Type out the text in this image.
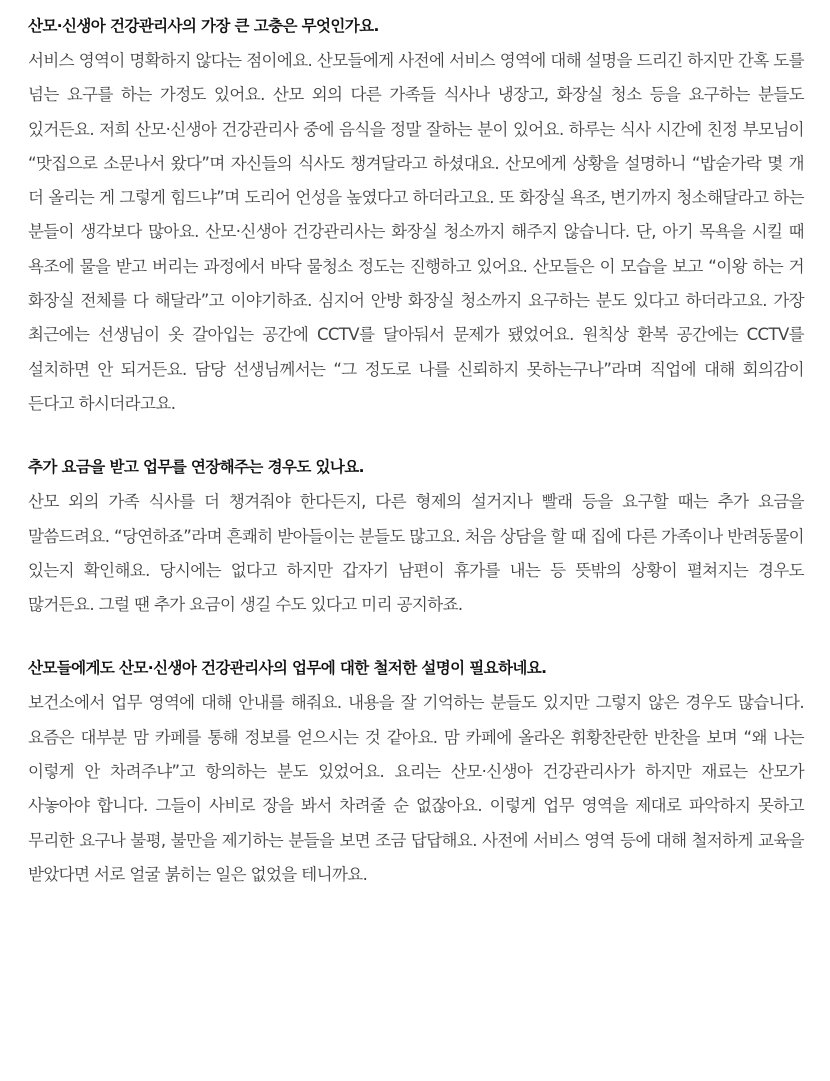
산모·신생아 건강관리사의 가장 큰 고충은 무엇인가요.

서비스 영역이 명확하지 않다는 점이에요. 산모들에게 사전에 서비스 영역에 대해 설명을 드리긴 하지만 간혹 도를 넘는 요구를 하는 가정도 있어요. 산모 외의 다른 가족들 식사나 냉장고, 화장실 청소 등을 요구하는 분들도 있거든요. 저희 산모·신생아 건강관리사 중에 음식을 정말 잘하는 분이 있어요. 하루는 식사 시간에 친정 부모님이 “맛집으로 소문나서 왔다”며 자신들의 식사도 챙겨달라고 하셨대요. 산모에게 상황을 설명하니 “밥숟가락 몇 개 더 올리는 게 그렇게 힘드냐”며 도리어 언성을 높였다고 하더라고요. 또 화장실 욕조, 변기까지 청소해달라고 하는 분들이 생각보다 많아요. 산모·신생아 건강관리사는 화장실 청소까지 해주지 않습니다. 단, 아기 목욕을 시킬 때 욕조에 물을 받고 버리는 과정에서 바닥 물청소 정도는 진행하고 있어요. 산모들은 이 모습을 보고 “이왕 하는 거 화장실 전체를 다 해달라”고 이야기하죠. 심지어 안방 화장실 청소까지 요구하는 분도 있다고 하더라고요. 가장 최근에는 선생님이 옷 갈아입는 공간에 CCTV를 달아둬서 문제가 됐었어요. 원칙상 환복 공간에는 CCTV를 설치하면 안 되거든요. 담당 선생님께서는 “그 정도로 나를 신뢰하지 못하는구나”라며 직업에 대해 회의감이 든다고 하시더라고요.

추가 요금을 받고 업무를 연장해주는 경우도 있나요.

산모 외의 가족 식사를 더 챙겨줘야 한다든지, 다른 형제의 설거지나 빨래 등을 요구할 때는 추가 요금을 말씀드려요. “당연하죠”라며 흔쾌히 받아들이는 분들도 많고요. 처음 상담을 할 때 집에 다른 가족이나 반려동물이 있는지 확인해요. 당시에는 없다고 하지만 갑자기 남편이 휴가를 내는 등 뜻밖의 상황이 펼쳐지는 경우도 많거든요. 그럴 땐 추가 요금이 생길 수도 있다고 미리 공지하죠.

산모들에게도 산모·신생아 건강관리사의 업무에 대한 철저한 설명이 필요하네요.

보건소에서 업무 영역에 대해 안내를 해줘요. 내용을 잘 기억하는 분들도 있지만 그렇지 않은 경우도 많습니다. 요즘은 대부분 맘 카페를 통해 정보를 얻으시는 것 같아요. 맘 카페에 올라온 휘황찬란한 반찬을 보며 “왜 나는 이렇게 안 차려주냐”고 항의하는 분도 있었어요. 요리는 산모·신생아 건강관리사가 하지만 재료는 산모가 사놓아야 합니다. 그들이 사비로 장을 봐서 차려줄 순 없잖아요. 이렇게 업무 영역을 제대로 파악하지 못하고 무리한 요구나 불평, 불만을 제기하는 분들을 보면 조금 답답해요. 사전에 서비스 영역 등에 대해 철저하게 교육을 받았다면 서로 얼굴 붉히는 일은 없었을 테니까요.
